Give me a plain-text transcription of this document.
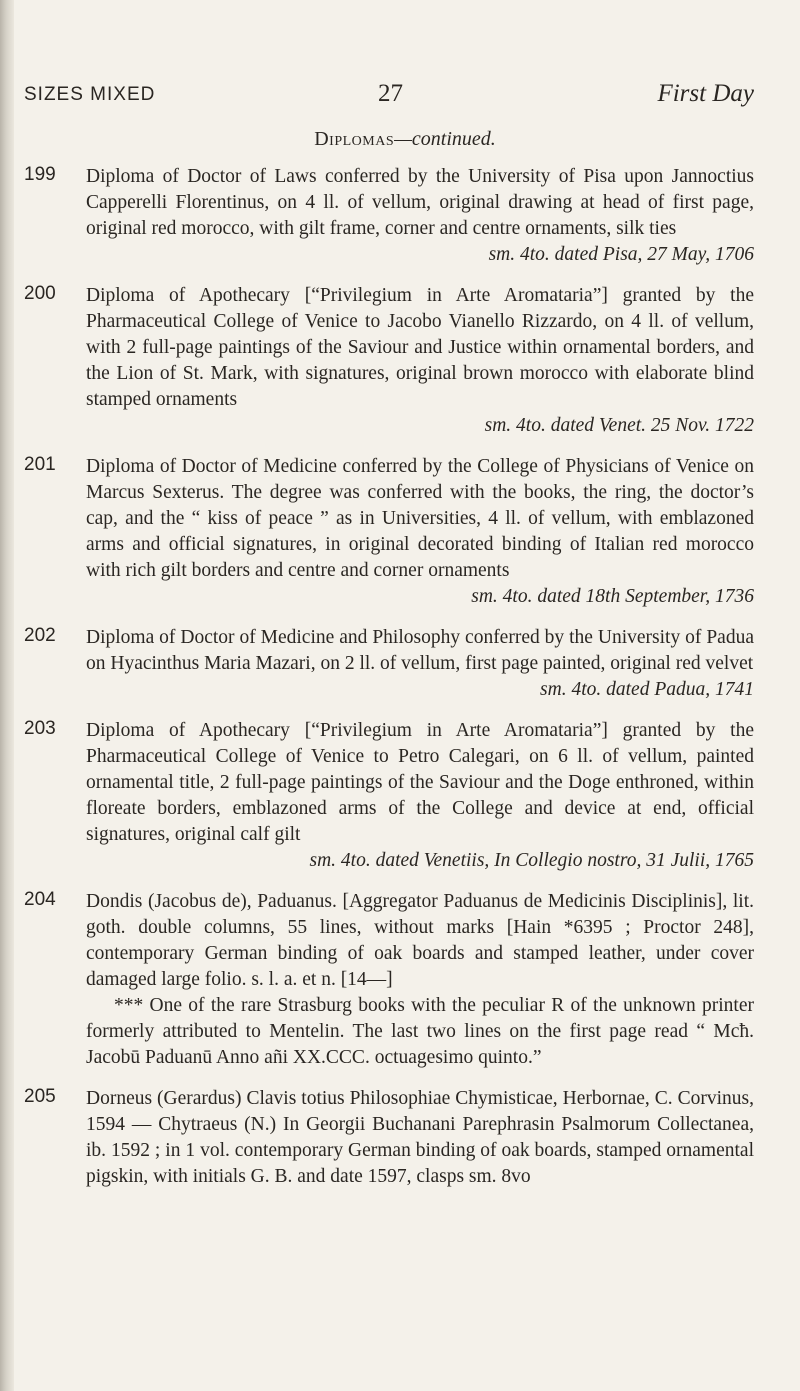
SIZES MIXED	27	First Day
Diplomas—continued.
199	Diploma of Doctor of Laws conferred by the University of Pisa upon Jannoctius Capperelli Florentinus, on 4 ll. of vellum, original drawing at head of first page, original red morocco, with gilt frame, corner and centre ornaments, silk ties

sm. 4to. dated Pisa, 27 May, 1706
200	Diploma of Apothecary [“Privilegium in Arte Aromataria”] granted by the Pharmaceutical College of Venice to Jacobo Vianello Rizzardo, on 4 ll. of vellum, with 2 full-page paintings of the Saviour and Justice within ornamental borders, and the Lion of St. Mark, with signatures, original brown morocco with elaborate blind stamped ornaments

sm. 4to. dated Venet. 25 Nov. 1722
201	Diploma of Doctor of Medicine conferred by the College of Physicians of Venice on Marcus Sexterus. The degree was conferred with the books, the ring, the doctor’s cap, and the “ kiss of peace ” as in Universities, 4 ll. of vellum, with emblazoned arms and official signatures, in original decorated binding of Italian red morocco with rich gilt borders and centre and corner ornaments

sm. 4to. dated 18th September, 1736
202	Diploma of Doctor of Medicine and Philosophy conferred by the University of Padua on Hyacinthus Maria Mazari, on 2 ll. of vellum, first page painted, original red velvet

sm. 4to. dated Padua, 1741
203	Diploma of Apothecary [“Privilegium in Arte Aromataria”] granted by the Pharmaceutical College of Venice to Petro Calegari, on 6 ll. of vellum, painted ornamental title, 2 full-page paintings of the Saviour and the Doge enthroned, within floreate borders, emblazoned arms of the College and device at end, official signatures, original calf gilt

sm. 4to. dated Venetiis, In Collegio nostro, 31 Julii, 1765
204	Dondis (Jacobus de), Paduanus. [Aggregator Paduanus de Medicinis Disciplinis], lit. goth. double columns, 55 lines, without marks [Hain *6395 ; Proctor 248], contemporary German binding of oak boards and stamped leather, under cover damaged large folio. s. l. a. et n. [14—]

*** One of the rare Strasburg books with the peculiar R of the unknown printer formerly attributed to Mentelin. The last two lines on the first page read “ Mcħ. Jacobū Paduanū Anno añi XX.CCC. octuagesimo quinto.”

205	Dorneus (Gerardus) Clavis totius Philosophiae Chymisticae, Herbornae, C. Corvinus, 1594 — Chytraeus (N.) In Georgii Buchanani Parephrasin Psalmorum Collectanea, ib. 1592 ; in 1 vol. contemporary German binding of oak boards, stamped ornamental pigskin, with initials G. B. and date 1597, clasps sm. 8vo
